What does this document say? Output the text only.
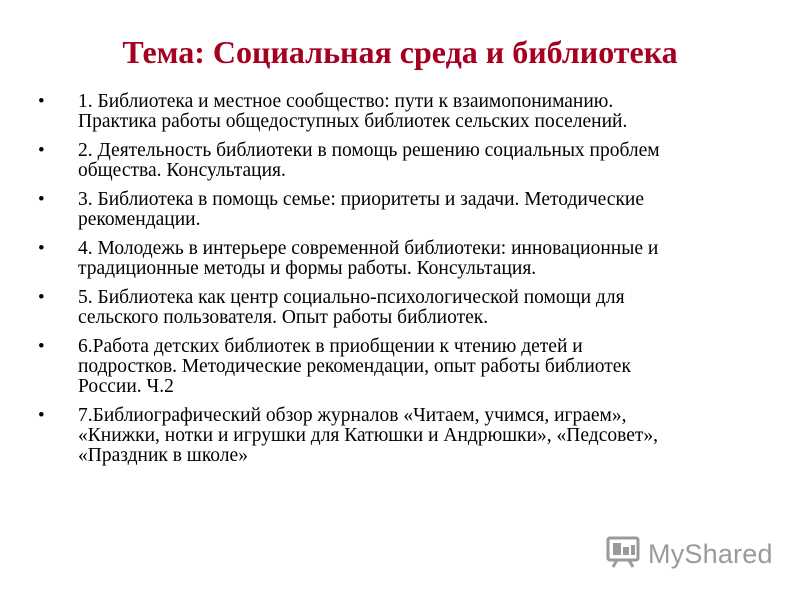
Тема: Социальная среда и библиотека
•	1. Библиотека и местное сообщество: пути к взаимопониманию.
Практика работы общедоступных библиотек сельских поселений.
•	2. Деятельность библиотеки в помощь решению социальных проблем
общества. Консультация.
•	3. Библиотека в помощь семье: приоритеты и задачи. Методические
рекомендации.
•	4. Молодежь в интерьере современной библиотеки: инновационные и
традиционные методы и формы работы. Консультация.
•	5. Библиотека как центр социально-психологической помощи для
сельского пользователя. Опыт работы библиотек.
•	6.Работа детских библиотек в приобщении к чтению детей и
подростков. Методические рекомендации, опыт работы библиотек
России. Ч.2
•	7.Библиографический обзор журналов «Читаем, учимся, играем»,
«Книжки, нотки и игрушки для Катюшки и Андрюшки», «Педсовет»,
«Праздник в школе»
MyShared
